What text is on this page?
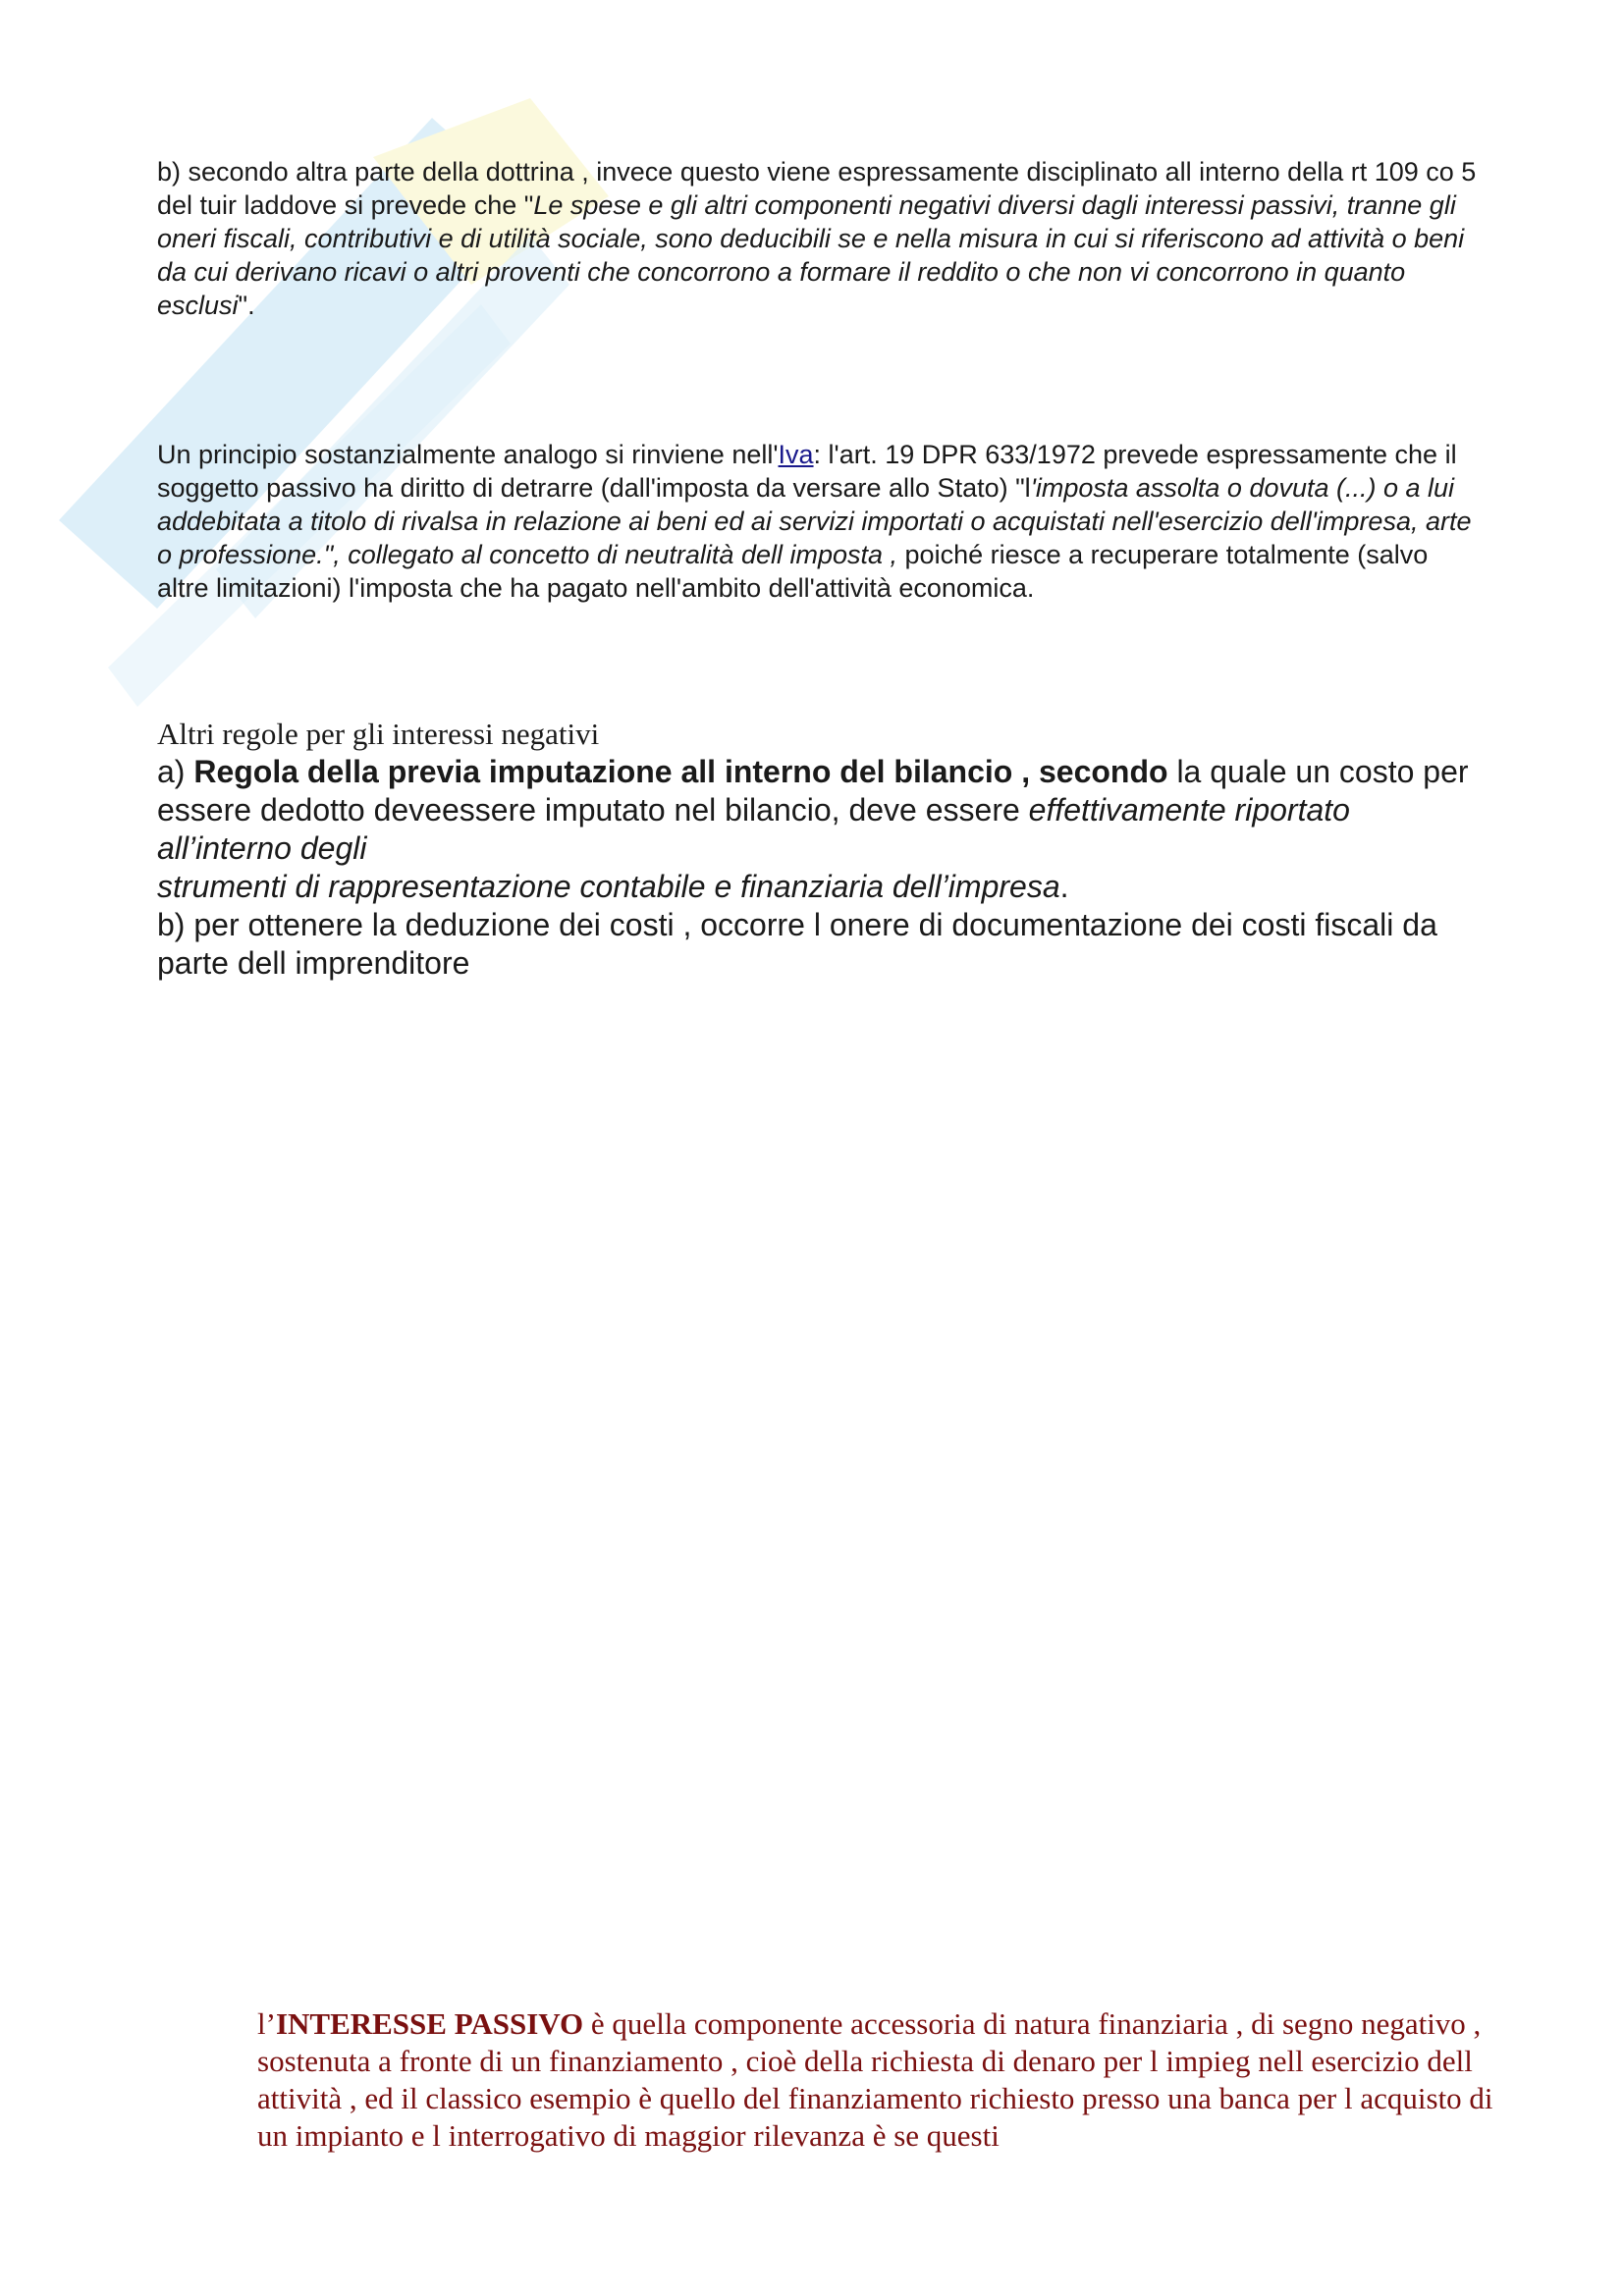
b) secondo altra parte della dottrina , invece questo viene espressamente disciplinato all interno della rt 109 co 5 del tuir laddove si prevede che "Le spese e gli altri componenti negativi diversi dagli interessi passivi, tranne gli oneri fiscali, contributivi e di utilità sociale, sono deducibili se e nella misura in cui si riferiscono ad attività o beni da cui derivano ricavi o altri proventi che concorrono a formare il reddito o che non vi concorrono in quanto esclusi".

Un principio sostanzialmente analogo si rinviene nell'Iva: l'art. 19 DPR 633/1972 prevede espressamente che il soggetto passivo ha diritto di detrarre (dall'imposta da versare allo Stato) "l'imposta assolta o dovuta (...) o a lui addebitata a titolo di rivalsa in relazione ai beni ed ai servizi importati o acquistati nell'esercizio dell'impresa, arte o professione.", collegato al concetto di neutralità dell imposta , poiché riesce a recuperare totalmente (salvo altre limitazioni) l'imposta che ha pagato nell'ambito dell'attività economica.

Altri regole per gli interessi negativi

a) Regola della previa imputazione all interno del bilancio , secondo la quale un costo per essere dedotto deveessere imputato nel bilancio, deve essere effettivamente riportato all’interno degli
strumenti di rappresentazione contabile e finanziaria dell’impresa.

b) per ottenere la deduzione dei costi , occorre l onere di documentazione dei costi fiscali da parte dell imprenditore

l’INTERESSE PASSIVO è quella componente accessoria di natura finanziaria , di segno negativo , sostenuta a fronte di un finanziamento , cioè della richiesta di denaro per l impieg nell esercizio dell attività , ed il classico esempio è quello del finanziamento richiesto presso una banca per l acquisto di un impianto e l interrogativo di maggior rilevanza è se questi
